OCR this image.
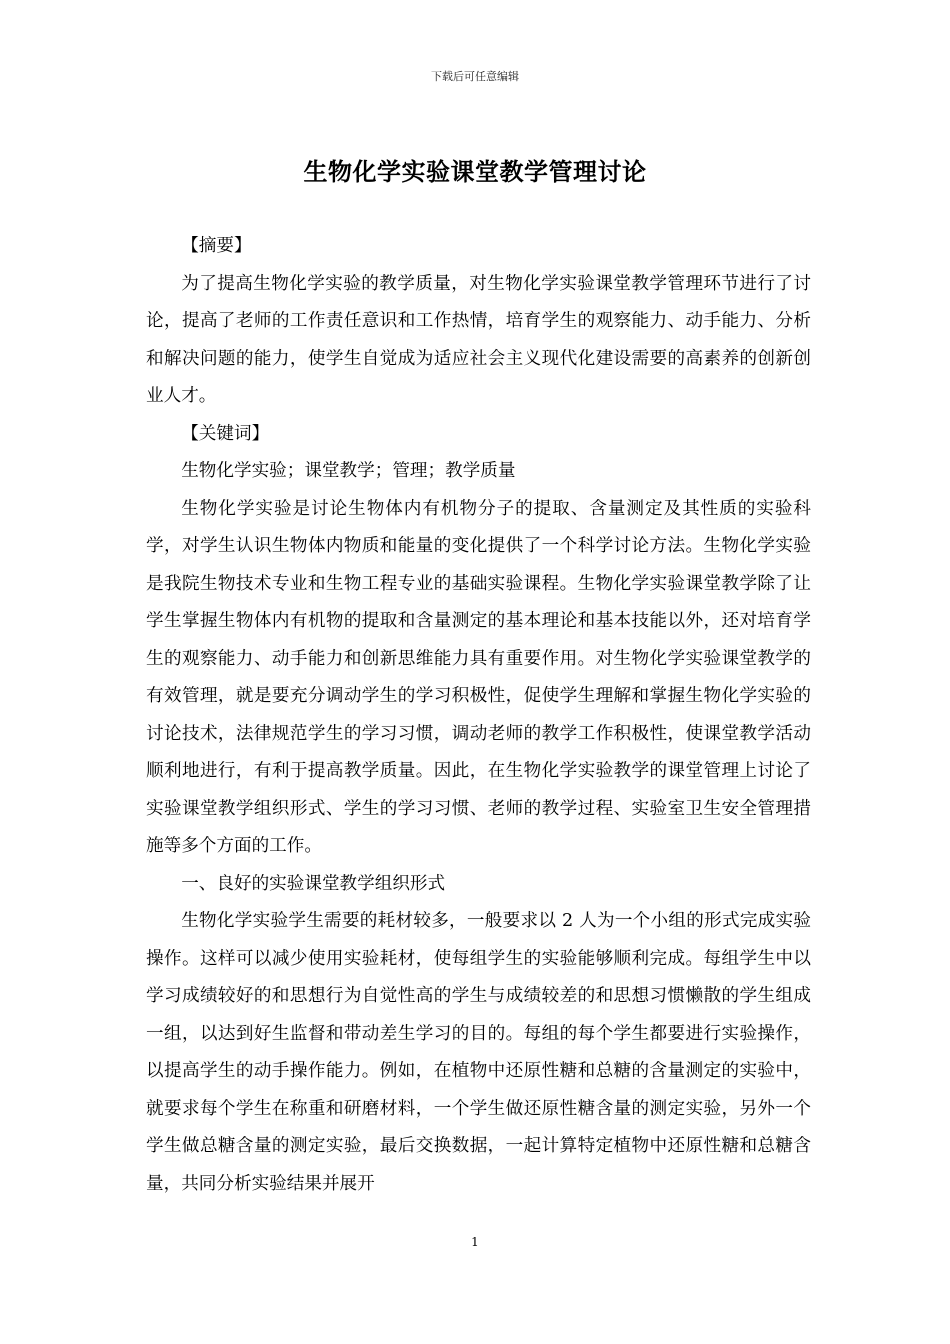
下载后可任意编辑
生物化学实验课堂教学管理讨论

【摘要】

为了提高生物化学实验的教学质量，对生物化学实验课堂教学管理环节进行了讨论，提高了老师的工作责任意识和工作热情，培育学生的观察能力、动手能力、分析和解决问题的能力，使学生自觉成为适应社会主义现代化建设需要的高素养的创新创业人才。

【关键词】

生物化学实验；课堂教学；管理；教学质量

生物化学实验是讨论生物体内有机物分子的提取、含量测定及其性质的实验科学，对学生认识生物体内物质和能量的变化提供了一个科学讨论方法。生物化学实验是我院生物技术专业和生物工程专业的基础实验课程。生物化学实验课堂教学除了让学生掌握生物体内有机物的提取和含量测定的基本理论和基本技能以外，还对培育学生的观察能力、动手能力和创新思维能力具有重要作用。对生物化学实验课堂教学的有效管理，就是要充分调动学生的学习积极性，促使学生理解和掌握生物化学实验的讨论技术，法律规范学生的学习习惯，调动老师的教学工作积极性，使课堂教学活动顺利地进行，有利于提高教学质量。因此，在生物化学实验教学的课堂管理上讨论了实验课堂教学组织形式、学生的学习习惯、老师的教学过程、实验室卫生安全管理措施等多个方面的工作。

一、良好的实验课堂教学组织形式

生物化学实验学生需要的耗材较多，一般要求以 2 人为一个小组的形式完成实验操作。这样可以减少使用实验耗材，使每组学生的实验能够顺利完成。每组学生中以学习成绩较好的和思想行为自觉性高的学生与成绩较差的和思想习惯懒散的学生组成一组，以达到好生监督和带动差生学习的目的。每组的每个学生都要进行实验操作，以提高学生的动手操作能力。例如，在植物中还原性糖和总糖的含量测定的实验中，就要求每个学生在称重和研磨材料，一个学生做还原性糖含量的测定实验，另外一个学生做总糖含量的测定实验，最后交换数据，一起计算特定植物中还原性糖和总糖含量，共同分析实验结果并展开

1
